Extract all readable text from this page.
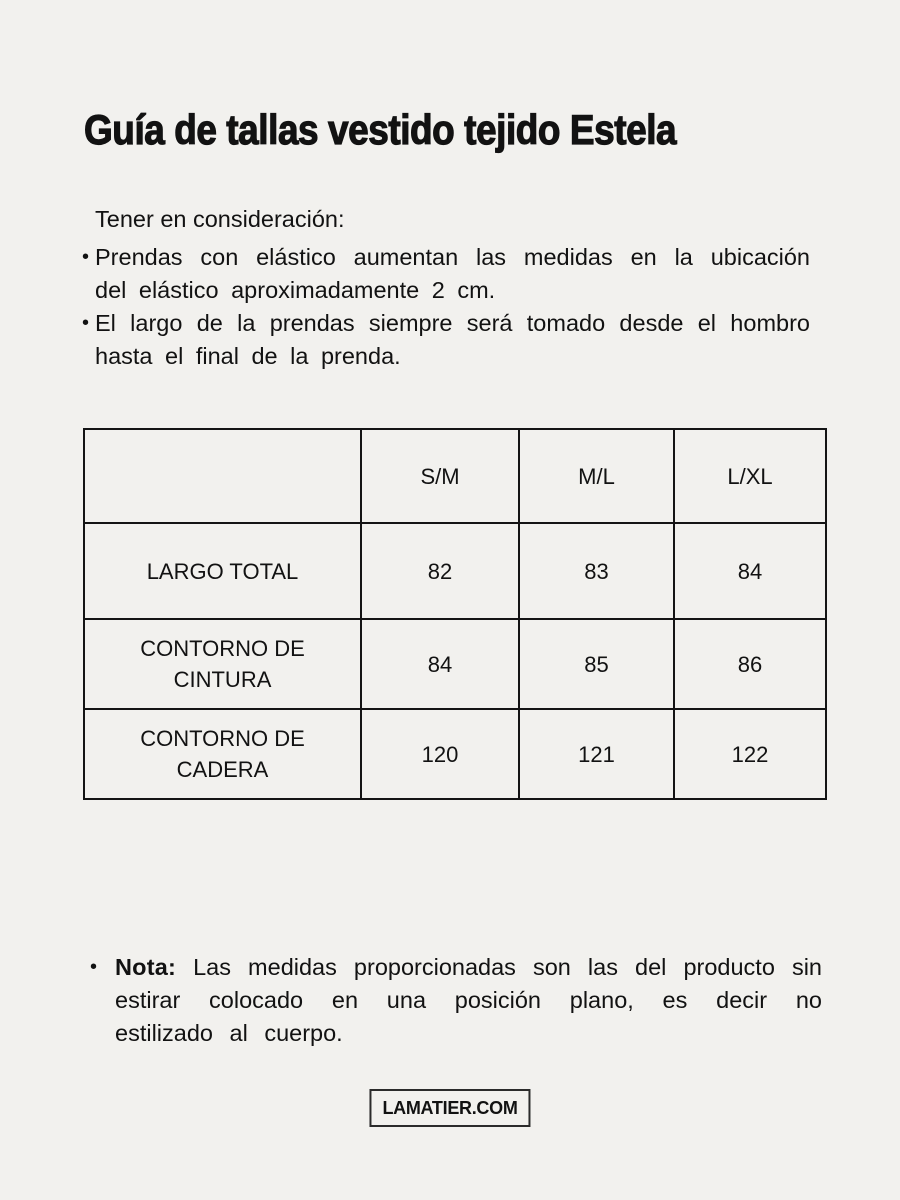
Guía de tallas vestido tejido Estela

Tener en consideración:

• Prendas con elástico aumentan las medidas en la ubicación del elástico aproximadamente 2 cm.
• El largo de la prendas siempre será tomado desde el hombro hasta el final de la prenda.
	S/M	M/L	L/XL
LARGO TOTAL	82	83	84
CONTORNO DE CINTURA	84	85	86
CONTORNO DE CADERA	120	121	122
• Nota: Las medidas proporcionadas son las del producto sin estirar colocado en una posición plano, es decir no estilizado al cuerpo.
LAMATIER.COM
